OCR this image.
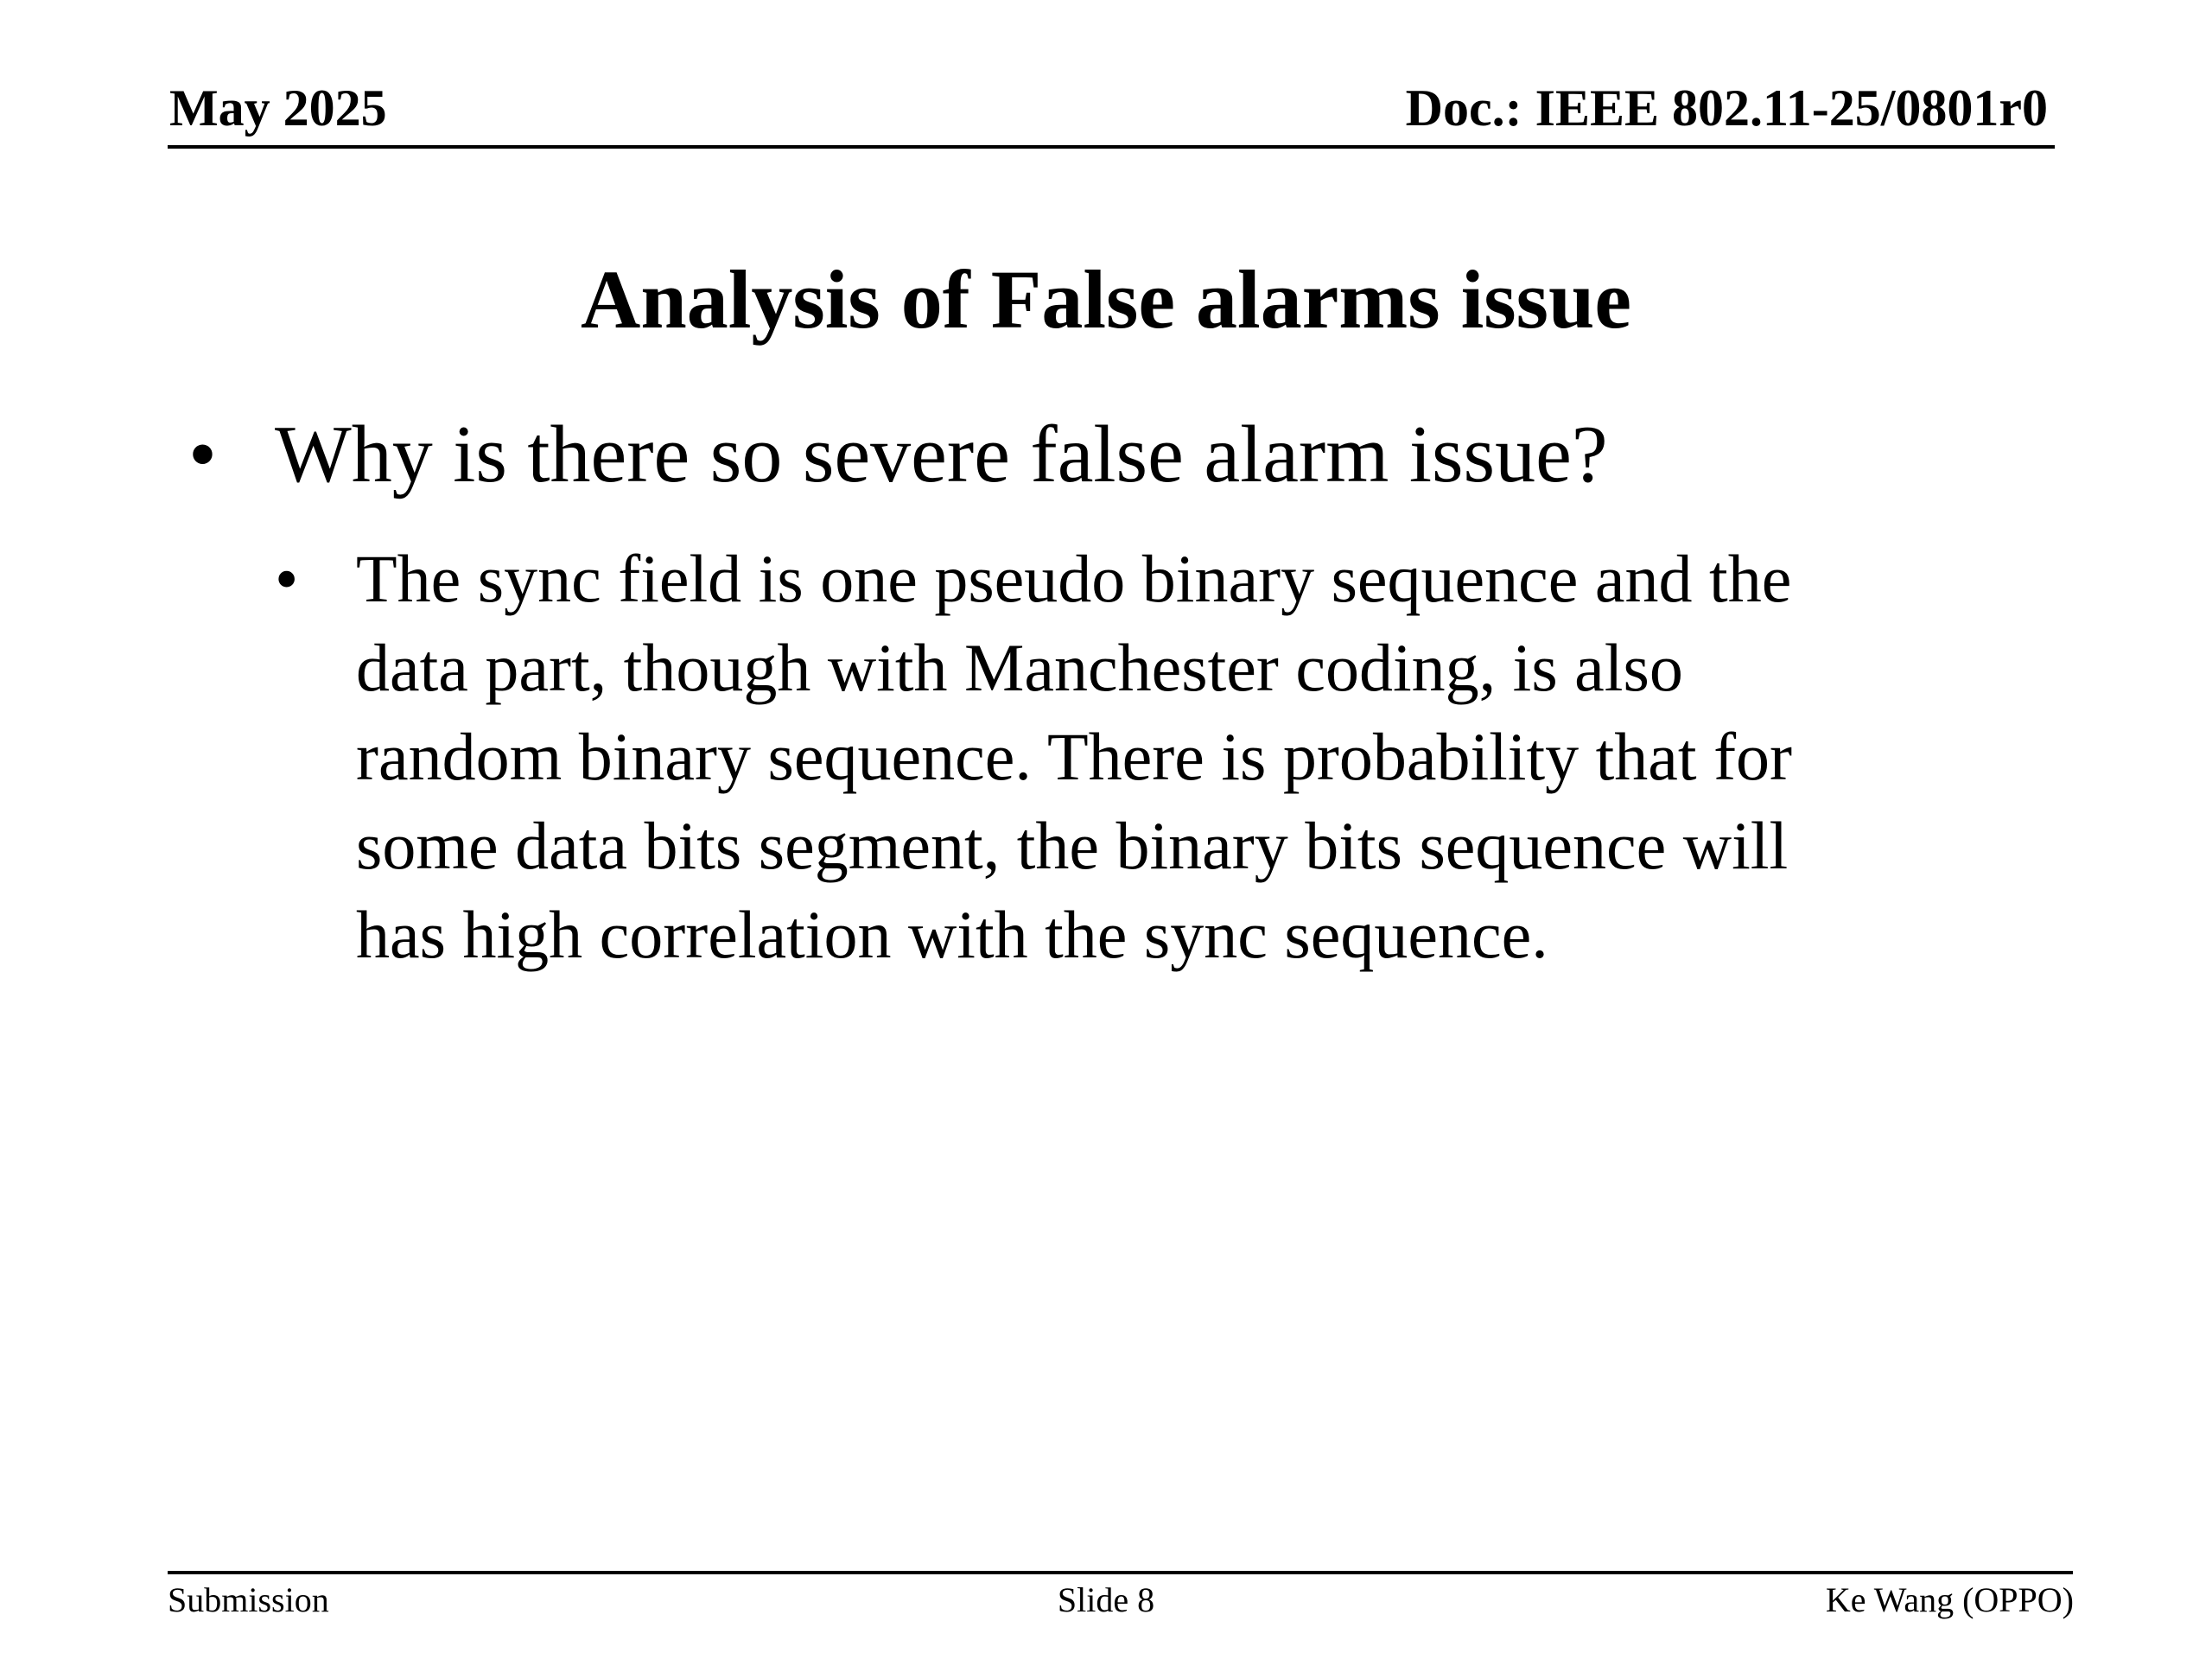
May 2025	Doc.: IEEE 802.11-25/0801r0
Analysis of False alarms issue
• Why is there so severe false alarm issue?
• The sync field is one pseudo binary sequence and the
data part, though with Manchester coding, is also
random binary sequence. There is probability that for
some data bits segment, the binary bits sequence will
has high correlation with the sync sequence.
Submission	Slide 8	Ke Wang (OPPO)
